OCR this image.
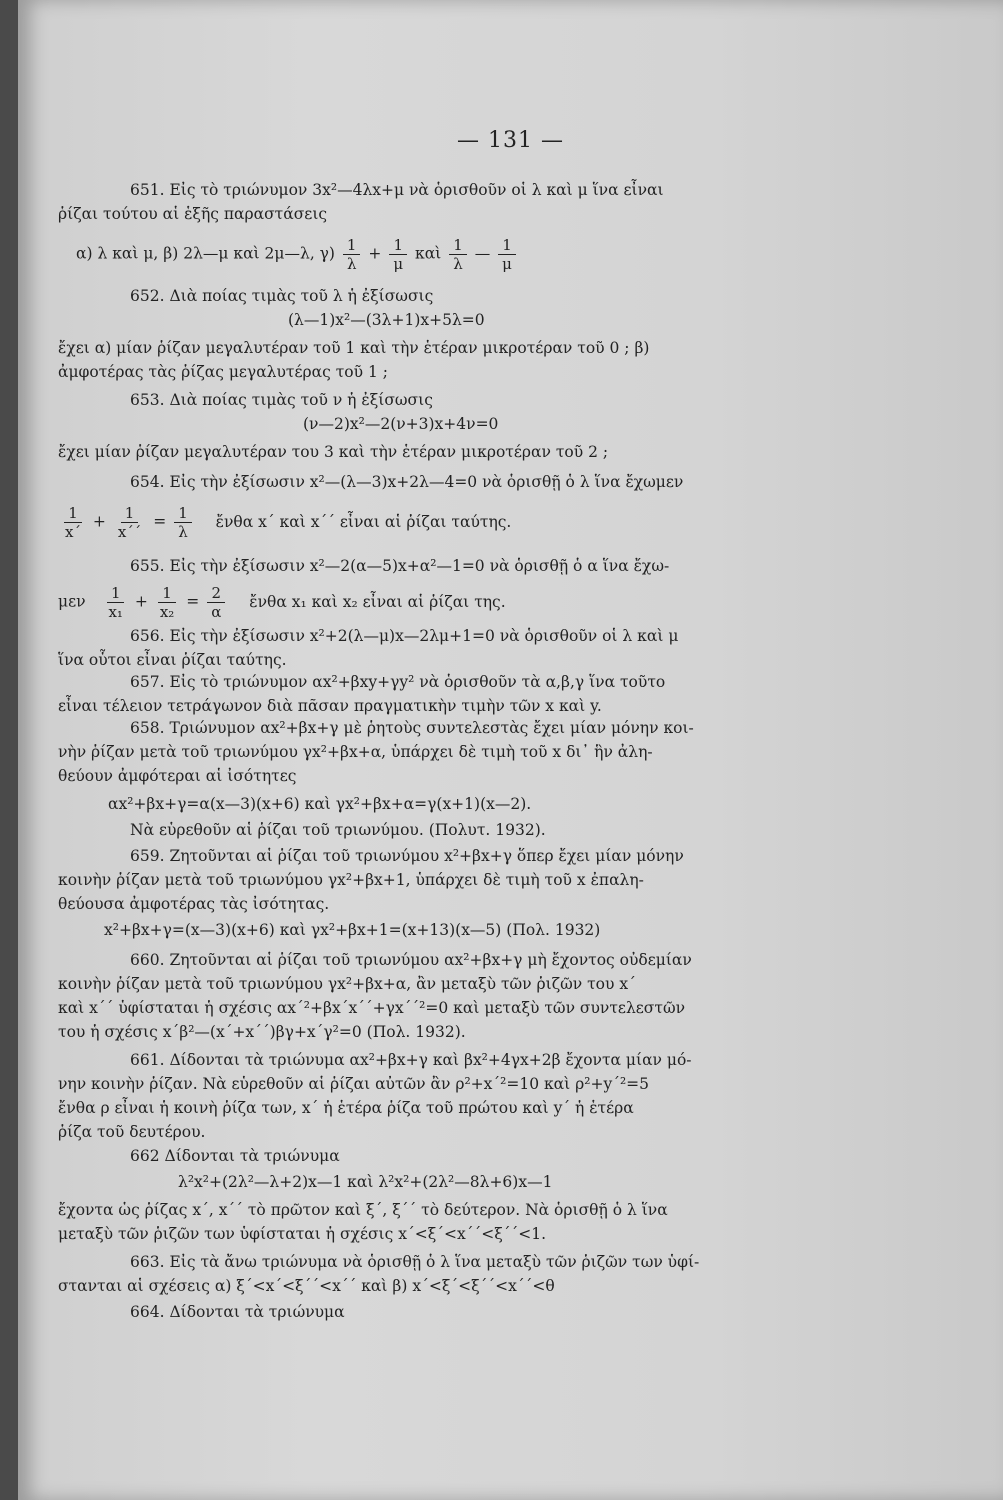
— 131 —
651. Εἰς τὸ τριώνυμον 3x²—4λx+μ νὰ ὁρισθοῦν οἱ λ καὶ μ ἵνα εἶναι
ῥίζαι τούτου αἱ ἑξῆς παραστάσεις
α) λ καὶ μ, β) 2λ—μ καὶ 2μ—λ, $\gamma) \frac{1}{\lambda} + \frac{1}{\mu}$ καὶ $\frac{1}{\lambda}$ — $\frac{1}{\mu}$
652. Διὰ ποίας τιμὰς τοῦ λ ἡ ἐξίσωσις
(λ—1)x²—(3λ+1)x+5λ=0
ἔχει α) μίαν ῥίζαν μεγαλυτέραν τοῦ 1 καὶ τὴν ἑτέραν μικροτέραν τοῦ 0 ; β)
ἀμφοτέρας τὰς ῥίζας μεγαλυτέρας τοῦ 1 ;
653. Διὰ ποίας τιμὰς τοῦ ν ἡ ἐξίσωσις
(ν—2)x²—2(ν+3)x+4ν=0
ἔχει μίαν ῥίζαν μεγαλυτέραν του 3 καὶ τὴν ἑτέραν μικροτέραν τοῦ 2 ;
654. Εἰς τὴν ἐξίσωσιν x²—(λ—3)x+2λ—4=0 νὰ ὁρισθῇ ὁ λ ἵνα ἔχωμεν
$\frac{1}{x΄} + \frac{1}{x΄΄} = \frac{1}{\lambda}$ ἔνθα x΄ καὶ x΄΄ εἶναι αἱ ῥίζαι ταύτης.
655. Εἰς τὴν ἐξίσωσιν x²—2(α—5)x+α²—1=0 νὰ ὁρισθῇ ὁ α ἵνα ἔχω-
μεν $\frac{1}{\text{x₁}} + \frac{1}{\text{x₂}} = \frac{2}{\alpha}$ ἔνθα x₁ καὶ x₂ εἶναι αἱ ῥίζαι της.
656. Εἰς τὴν ἐξίσωσιν x²+2(λ—μ)x—2λμ+1=0 νὰ ὁρισθοῦν οἱ λ καὶ μ
ἵνα οὗτοι εἶναι ῥίζαι ταύτης.
657. Εἰς τὸ τριώνυμον αx²+βxy+γy² νὰ ὁρισθοῦν τὰ α,β,γ ἵνα τοῦτο
εἶναι τέλειον τετράγωνον διὰ πᾶσαν πραγματικὴν τιμὴν τῶν x καὶ y.
658. Τριώνυμον αx²+βx+γ μὲ ῥητοὺς συντελεστὰς ἔχει μίαν μόνην κοι-
νὴν ῥίζαν μετὰ τοῦ τριωνύμου γx²+βx+α, ὑπάρχει δὲ τιμὴ τοῦ x δι᾽ ἣν ἀλη-
θεύουν ἀμφότεραι αἱ ἰσότητες
αx²+βx+γ=α(x—3)(x+6) καὶ γx²+βx+α=γ(x+1)(x—2).
Νὰ εὑρεθοῦν αἱ ῥίζαι τοῦ τριωνύμου. (Πολυτ. 1932).
659. Ζητοῦνται αἱ ῥίζαι τοῦ τριωνύμου x²+βx+γ ὅπερ ἔχει μίαν μόνην
κοινὴν ῥίζαν μετὰ τοῦ τριωνύμου γx²+βx+1, ὑπάρχει δὲ τιμὴ τοῦ x ἐπαλη-
θεύουσα ἀμφοτέρας τὰς ἰσότητας.
x²+βx+γ=(x—3)(x+6) καὶ γx²+βx+1=(x+13)(x—5) (Πολ. 1932)
660. Ζητοῦνται αἱ ῥίζαι τοῦ τριωνύμου αx²+βx+γ μὴ ἔχοντος οὐδεμίαν
κοινὴν ῥίζαν μετὰ τοῦ τριωνύμου γx²+βx+α, ἂν μεταξὺ τῶν ῥιζῶν του x΄
καὶ x΄΄ ὑφίσταται ἡ σχέσις αx΄²+βx΄x΄΄+γx΄΄²=0 καὶ μεταξὺ τῶν συντελεστῶν
του ἡ σχέσις x΄β²—(x΄+x΄΄)βγ+x΄γ²=0 (Πολ. 1932).
661. Δίδονται τὰ τριώνυμα αx²+βx+γ καὶ βx²+4γx+2β ἔχοντα μίαν μό-
νην κοινὴν ῥίζαν. Νὰ εὑρεθοῦν αἱ ῥίζαι αὐτῶν ἂν ρ²+x΄²=10 καὶ ρ²+y΄²=5
ἔνθα ρ εἶναι ἡ κοινὴ ῥίζα των, x΄ ἡ ἑτέρα ῥίζα τοῦ πρώτου καὶ y΄ ἡ ἑτέρα
ῥίζα τοῦ δευτέρου.
662 Δίδονται τὰ τριώνυμα
λ²x²+(2λ²—λ+2)x—1 καὶ λ²x²+(2λ²—8λ+6)x—1
ἔχοντα ὡς ῥίζας x΄, x΄΄ τὸ πρῶτον καὶ ξ΄, ξ΄΄ τὸ δεύτερον. Νὰ ὁρισθῇ ὁ λ ἵνα
μεταξὺ τῶν ῥιζῶν των ὑφίσταται ἡ σχέσις x΄<ξ΄<x΄΄<ξ΄΄<1.
663. Εἰς τὰ ἄνω τριώνυμα νὰ ὁρισθῇ ὁ λ ἵνα μεταξὺ τῶν ῥιζῶν των ὑφί-
στανται αἱ σχέσεις α) ξ΄<x΄<ξ΄΄<x΄΄ καὶ β) x΄<ξ΄<ξ΄΄<x΄΄<θ
664. Δίδονται τὰ τριώνυμα
